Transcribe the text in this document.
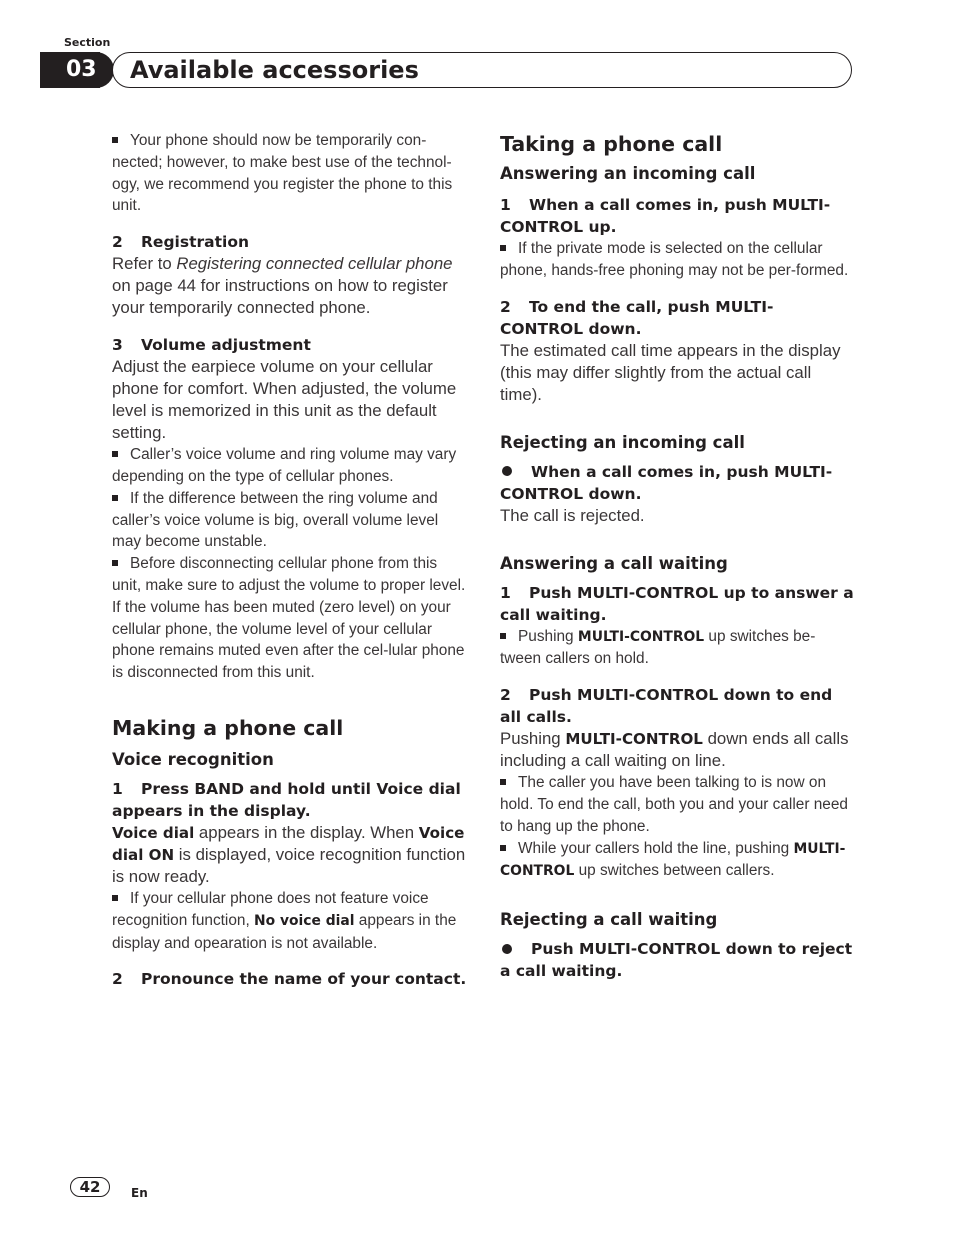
Section
03 Available accessories

Your phone should now be temporarily con-nected; however, to make best use of the technol-ogy, we recommend you register the phone to this unit.

2 Registration

Refer to Registering connected cellular phone on page 44 for instructions on how to register your temporarily connected phone.

3 Volume adjustment

Adjust the earpiece volume on your cellular phone for comfort. When adjusted, the volume level is memorized in this unit as the default setting.

Caller’s voice volume and ring volume may vary depending on the type of cellular phones.

If the difference between the ring volume and caller’s voice volume is big, overall volume level may become unstable.

Before disconnecting cellular phone from this unit, make sure to adjust the volume to proper level. If the volume has been muted (zero level) on your cellular phone, the volume level of your cellular phone remains muted even after the cel-lular phone is disconnected from this unit.

Making a phone call

Voice recognition

1 Press BAND and hold until Voice dial appears in the display.

Voice dial appears in the display. When Voice dial ON is displayed, voice recognition function is now ready.

If your cellular phone does not feature voice recognition function, No voice dial appears in the display and opearation is not available.

2 Pronounce the name of your contact.

Taking a phone call

Answering an incoming call

1 When a call comes in, push MULTI-CONTROL up.

If the private mode is selected on the cellular phone, hands-free phoning may not be per-formed.

2 To end the call, push MULTI-CONTROL down.

The estimated call time appears in the display (this may differ slightly from the actual call time).

Rejecting an incoming call

When a call comes in, push MULTI-CONTROL down.

The call is rejected.

Answering a call waiting

1 Push MULTI-CONTROL up to answer a call waiting.

Pushing MULTI-CONTROL up switches be-tween callers on hold.

2 Push MULTI-CONTROL down to end all calls.

Pushing MULTI-CONTROL down ends all calls including a call waiting on line.

The caller you have been talking to is now on hold. To end the call, both you and your caller need to hang up the phone.

While your callers hold the line, pushing MULTI-CONTROL up switches between callers.

Rejecting a call waiting

Push MULTI-CONTROL down to reject a call waiting.

42	En
